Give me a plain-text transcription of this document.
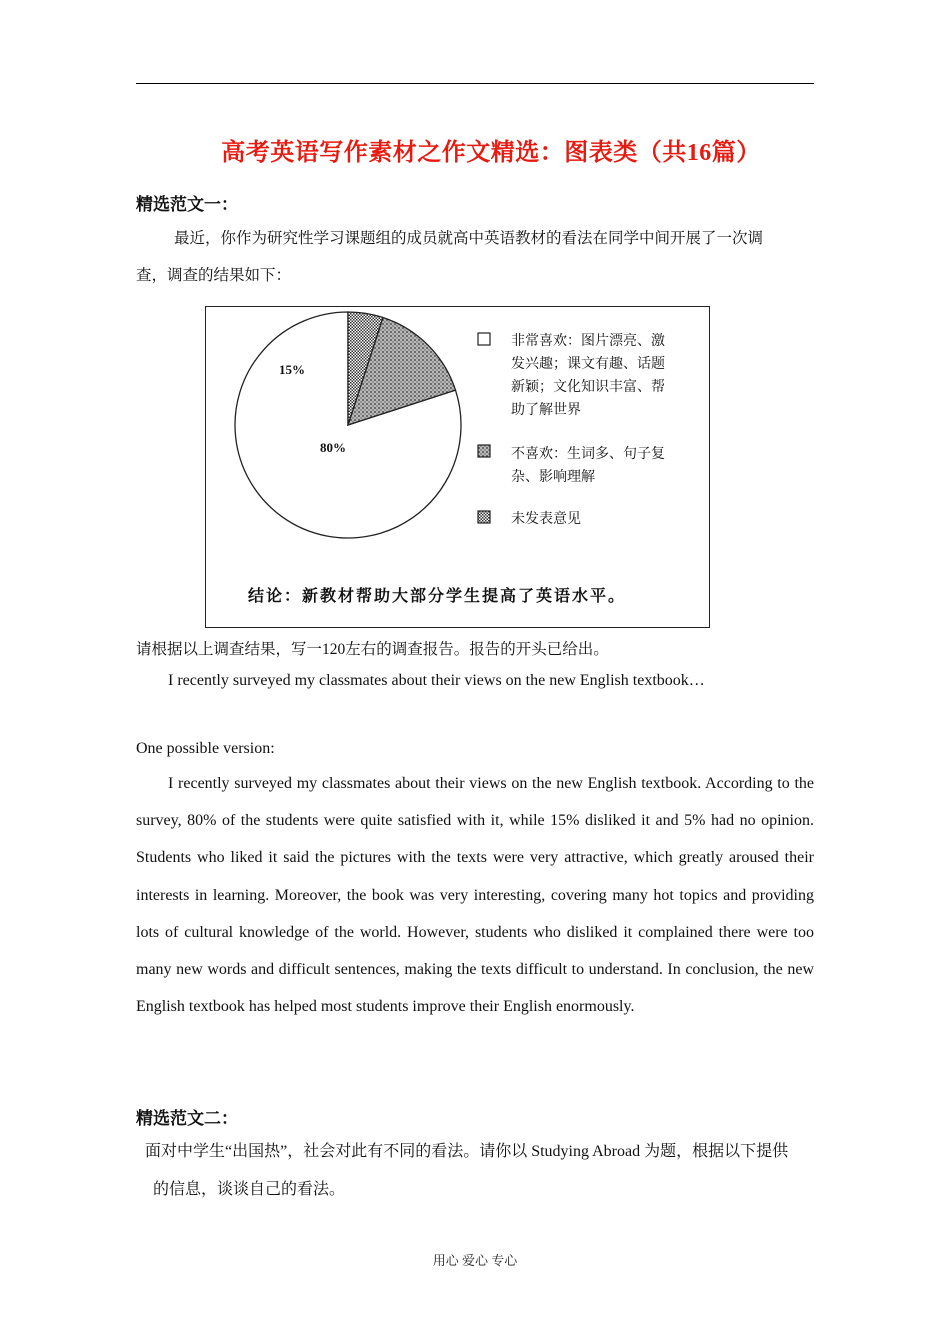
高考英语写作素材之作文精选：图表类（共16篇）
精选范文一：
最近，你作为研究性学习课题组的成员就高中英语教材的看法在同学中间开展了一次调
查，调查的结果如下：
15%
80%
非常喜欢：图片漂亮、激
发兴趣；课文有趣、话题
新颖；文化知识丰富、帮
助了解世界
不喜欢：生词多、句子复
杂、影响理解
未发表意见
结论：新教材帮助大部分学生提高了英语水平。
请根据以上调查结果，写一120左右的调查报告。报告的开头已给出。
I recently surveyed my classmates about their views on the new English textbook…
One possible version:
I recently surveyed my classmates about their views on the new English textbook. According to the survey, 80% of the students were quite satisfied with it, while 15% disliked it and 5% had no opinion. Students who liked it said the pictures with the texts were very attractive, which greatly aroused their interests in learning. Moreover, the book was very interesting, covering many hot topics and providing lots of cultural knowledge of the world. However, students who disliked it complained there were too many new words and difficult sentences, making the texts difficult to understand. In conclusion, the new English textbook has helped most students improve their English enormously.
精选范文二：
面对中学生“出国热”，社会对此有不同的看法。请你以 Studying Abroad 为题，根据以下提供
的信息，谈谈自己的看法。
用心 爱心 专心
